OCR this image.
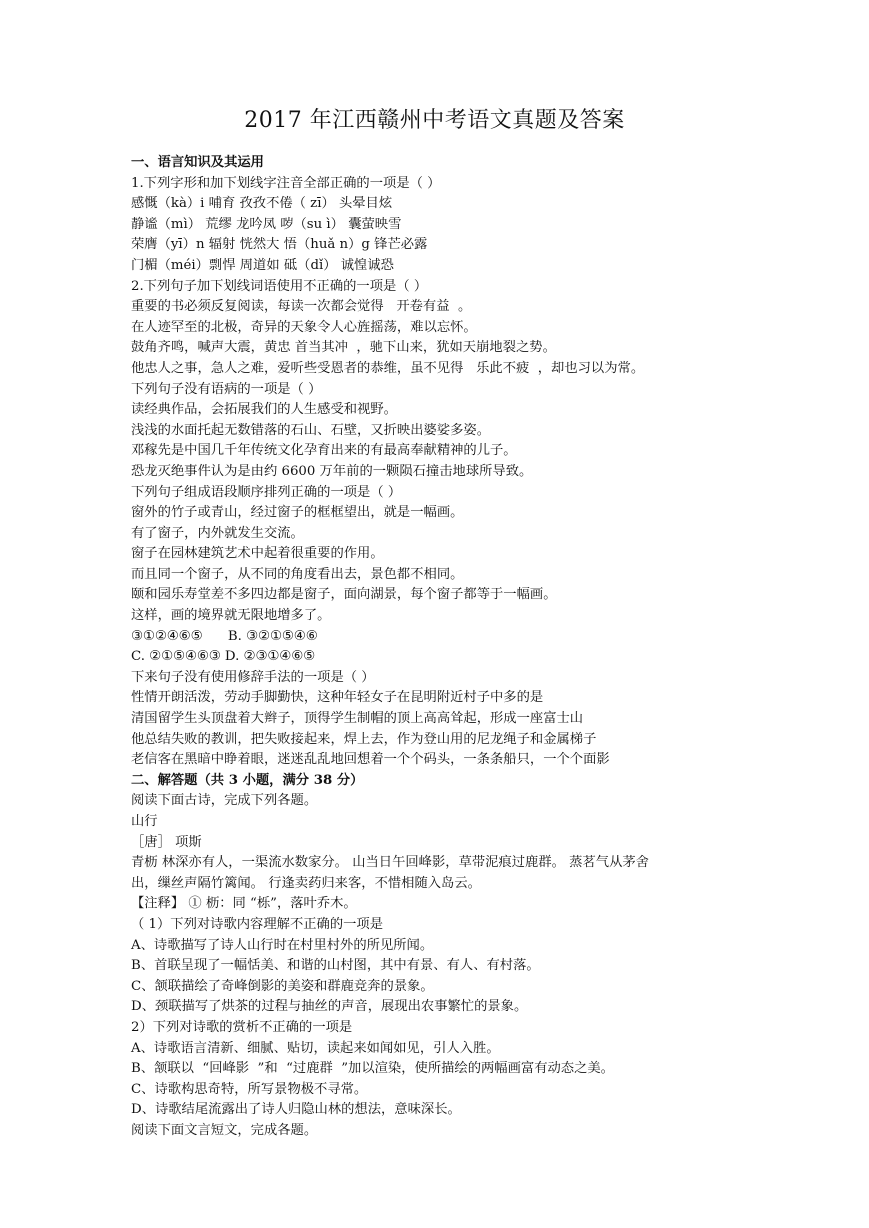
2017 年江西赣州中考语文真题及答案
一、语言知识及其运用
1.下列字形和加下划线字注音全部正确的一项是（ ）
感慨（kà）i 哺育 孜孜不倦（ zī） 头晕目炫
静谧（mì） 荒缪 龙吟凤 哕（su ì） 囊萤映雪
荣膺（yī）n 辐射 恍然大 悟（huǎ n）g 锋芒必露
门楣（méi）剽悍 周道如 砥（dǐ） 诚惶诚恐
2.下列句子加下划线词语使用不正确的一项是（ ）
重要的书必须反复阅读，每读一次都会觉得   开卷有益  。
在人迹罕至的北极，奇异的天象令人心旌摇荡，难以忘怀。
鼓角齐鸣，喊声大震，黄忠 首当其冲  ，驰下山来，犹如天崩地裂之势。
他忠人之事，急人之难，爱听些受恩者的恭维，虽不见得   乐此不疲  ，却也习以为常。
下列句子没有语病的一项是（ ）
读经典作品，会拓展我们的人生感受和视野。
浅浅的水面托起无数错落的石山、石壁，又折映出婆娑多姿。
邓稼先是中国几千年传统文化孕育出来的有最高奉献精神的儿子。
恐龙灭绝事件认为是由约 6600 万年前的一颗陨石撞击地球所导致。
下列句子组成语段顺序排列正确的一项是（ ）
窗外的竹子或青山，经过窗子的框框望出，就是一幅画。
有了窗子，内外就发生交流。
窗子在园林建筑艺术中起着很重要的作用。
而且同一个窗子，从不同的角度看出去，景色都不相同。
颐和园乐寿堂差不多四边都是窗子，面向湖景，每个窗子都等于一幅画。
这样，画的境界就无限地增多了。
③①②④⑥⑤      B. ③②①⑤④⑥
C. ②①⑤④⑥③ D. ②③①④⑥⑤
下来句子没有使用修辞手法的一项是（ ）
性情开朗活泼，劳动手脚勤快，这种年轻女子在昆明附近村子中多的是
清国留学生头顶盘着大辫子，顶得学生制帽的顶上高高耸起，形成一座富士山
他总结失败的教训，把失败接起来，焊上去，作为登山用的尼龙绳子和金属梯子
老信客在黑暗中睁着眼，迷迷乱乱地回想着一个个码头，一条条船只，一个个面影
二、解答题（共 3 小题，满分 38 分）
阅读下面古诗，完成下列各题。
山行
［唐］ 项斯
青枥 林深亦有人，一渠流水数家分。 山当日午回峰影，草带泥痕过鹿群。 蒸茗气从茅舍
出，缫丝声隔竹篱闻。 行逢卖药归来客，不惜相随入岛云。
【注释】 ① 枥：同 “栎”，落叶乔木。
（ 1）下列对诗歌内容理解不正确的一项是
A、诗歌描写了诗人山行时在村里村外的所见所闻。
B、首联呈现了一幅恬美、和谐的山村图，其中有景、有人、有村落。
C、颔联描绘了奇峰倒影的美姿和群鹿竞奔的景象。
D、颈联描写了烘茶的过程与抽丝的声音，展现出农事繁忙的景象。
2）下列对诗歌的赏析不正确的一项是
A、诗歌语言清新、细腻、贴切，读起来如闻如见，引人入胜。
B、颔联以  “回峰影  ”和  “过鹿群  ”加以渲染，使所描绘的两幅画富有动态之美。
C、诗歌构思奇特，所写景物极不寻常。
D、诗歌结尾流露出了诗人归隐山林的想法，意味深长。
阅读下面文言短文，完成各题。
